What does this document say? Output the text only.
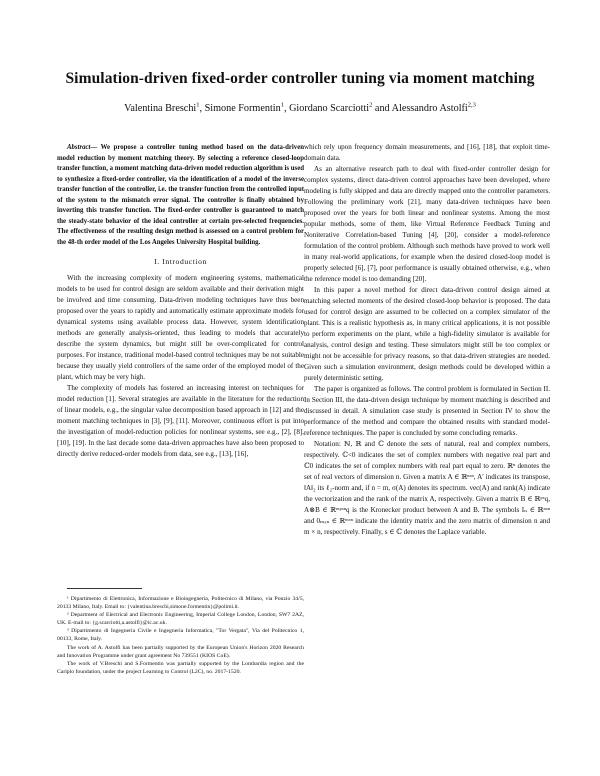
Simulation-driven fixed-order controller tuning via moment matching
Valentina Breschi$^1$, Simone Formentin$^1$, Giordano Scarciotti$^2$ and Alessandro Astolfi$^{2,3}$

Abstract— We propose a controller tuning method based on the data-driven model reduction by moment matching theory. By selecting a reference closed-loop transfer function, a moment matching data-driven model reduction algorithm is used to synthesize a fixed-order controller, via the identification of a model of the inverse transfer function of the controller, i.e. the transfer function from the controlled input of the system to the mismatch error signal. The controller is finally obtained by inverting this transfer function. The fixed-order controller is guaranteed to match the steady-state behavior of the ideal controller at certain pre-selected frequencies. The effectiveness of the resulting design method is assessed on a control problem for the 48-th order model of the Los Angeles University Hospital building.

I. Introduction

With the increasing complexity of modern engineering systems, mathematical models to be used for control design are seldom available and their derivation might be involved and time consuming. Data-driven modeling techniques have thus been proposed over the years to rapidly and automatically estimate approximate models for dynamical systems using available process data. However, system identification methods are generally analysis-oriented, thus leading to models that accurately describe the system dynamics, but might still be over-complicated for control purposes. For instance, traditional model-based control techniques may be not suitable because they usually yield controllers of the same order of the employed model of the plant, which may be very high.

The complexity of models has fostered an increasing interest on techniques for model reduction [1]. Several strategies are available in the literature for the reduction of linear models, e.g., the singular value decomposition based approach in [12] and the moment matching techniques in [3], [9], [11]. Moreover, continuous effort is put into the investigation of model-reduction policies for nonlinear systems, see e.g., [2], [8], [10], [19]. In the last decade some data-driven approaches have also been proposed to directly derive reduced-order models from data, see e.g., [13], [16],

¹ Dipartimento di Elettronica, Informazione e Bioingegneria, Politecnico di Milano, via Ponzio 34/5, 20133 Milano, Italy. Email to: {valentina.breschi,simone.formentin}@polimi.it.

² Department of Electrical and Electronic Engineering, Imperial College London, London, SW7 2AZ, UK. E-mail to: {g.scarciotti,a.astolfi}@ic.ac.uk.

³ Dipartimento di Ingegneria Civile e Ingegneria Informatica, "Tor Vergata", Via del Politecnico 1, 00133, Rome, Italy.

The work of A. Astolfi has been partially supported by the European Union's Horizon 2020 Research and Innovation Programme under grant agreement No 739551 (KIOS CoE).

The work of V.Breschi and S.Formentin was partially supported by the Lombardia region and the Cariplo foundation, under the project Learning to Control (L2C), no. 2017-1520.

which rely upon frequency domain measurements, and [16], [18], that exploit time-domain data.

As an alternative research path to deal with fixed-order controller design for complex systems, direct data-driven control approaches have been developed, where modeling is fully skipped and data are directly mapped onto the controller parameters. Following the preliminary work [21], many data-driven techniques have been proposed over the years for both linear and nonlinear systems. Among the most popular methods, some of them, like Virtual Reference Feedback Tuning and Noniterative Correlation-based Tuning [4], [20], consider a model-reference formulation of the control problem. Although such methods have proved to work well in many real-world applications, for example when the desired closed-loop model is properly selected [6], [7], poor performance is usually obtained otherwise, e.g., when the reference model is too demanding [20].

In this paper a novel method for direct data-driven control design aimed at matching selected moments of the desired closed-loop behavior is proposed. The data used for control design are assumed to be collected on a complex simulator of the plant. This is a realistic hypothesis as, in many critical applications, it is not possible to perform experiments on the plant, while a high-fidelity simulator is available for analysis, control design and testing. These simulators might still be too complex or might not be accessible for privacy reasons, so that data-driven strategies are needed. Given such a simulation environment, design methods could be developed within a purely deterministic setting.

The paper is organized as follows. The control problem is formulated in Section II. In Section III, the data-driven design technique by moment matching is described and discussed in detail. A simulation case study is presented in Section IV to show the performance of the method and compare the obtained results with standard model-reference techniques. The paper is concluded by some concluding remarks.

Notation: ℕ, ℝ and ℂ denote the sets of natural, real and complex numbers, respectively. ℂ<0 indicates the set of complex numbers with negative real part and ℂ0 indicates the set of complex numbers with real part equal to zero. ℝⁿ denotes the set of real vectors of dimension n. Given a matrix A ∈ ℝⁿˣⁿ, A′ indicates its transpose, ‖A‖₂ its ℓ₂-norm and, if n = m, σ(A) denotes its spectrum. vec(A) and rank(A) indicate the vectorization and the rank of the matrix A, respectively. Given a matrix B ∈ ℝᵖˣq, A⊗B ∈ ℝᵐᵖˣⁿq is the Kronecker product between A and B. The symbols Iₙ ∈ ℝⁿˣⁿ and 0ₘₓₙ ∈ ℝᵐˣⁿ indicate the identity matrix and the zero matrix of dimension n and m × n, respectively. Finally, s ∈ ℂ denotes the Laplace variable.
